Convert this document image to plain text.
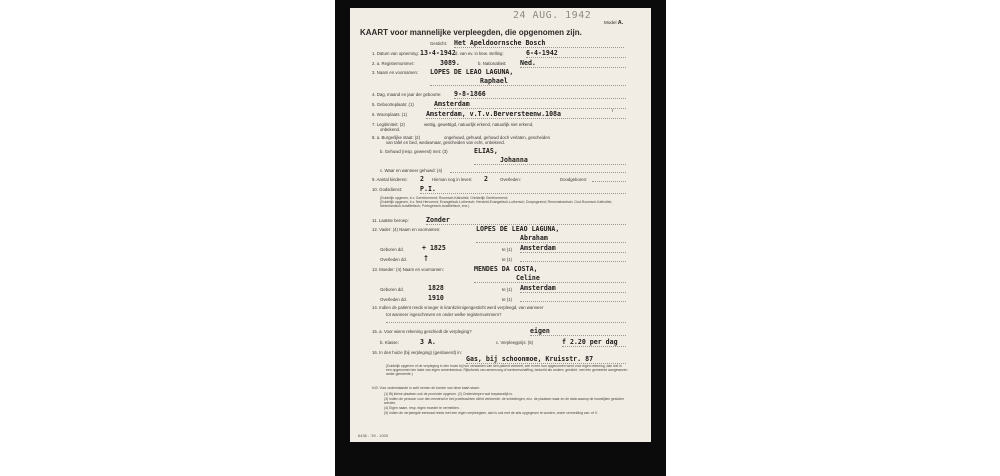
24 AUG. 1942
KAART voor mannelijke verpleegden, die opgenomen zijn.
Model A.
Gesticht: Het Apeldoornsche Bosch
1. Datum van opneming: 13-4-1942 d. van ev. in bew. stelling:	6-4-1942
2. a. Registernummer:	3089.	b. Nationaliteit: Ned.
3. Naam en voornamen: LOPES DE LEAO LAGUNA,
Raphael
4. Dag, maand en jaar der geboorte: 9-8-1866
5. Geboorteplaats: (1)	Amsterdam
6. Woonplaats: (1)	Amsterdam, v.T.v.Berversteenw.108a	I
7. Legitimiteit: (2)	wettig, gewettigd, natuurlijk erkend, natuurlijk niet erkend,
onbekend.
8. a. Burgerlijke staat: (2)	ongehuwd, gehuwd, gehuwd doch verlaten, gescheiden
van tafel en bed, weduwnaar, gescheiden van echt, onbekend.
b. Gehuwd (resp. geweest) met: (3)	ELIAS,
Johanna
c. Waar en wanneer gehuwd: (4)
9. Aantal kinderen: 2 Hiervan nog in leven: 2	Overleden:	Doodgeboren:
10. Godsdienst:	P.I.
(Duidelijk opgeven, b.v. Gereformeerd; Roomsch-Katholiek; Christelijk Gereformeerd;
(Duidelijk opgeven, b.v. Ned.Hervormd; Evangelisch-Luthersch; Hersteld-Evangelisch-Luthersch; Doopsgezind; Remonstrantsch; Oud-Roomsch-Katholiek; Nederlandsch-Israëlietisch; Portugeesch-Israëlietisch, enz.)
11. Laatste beroep:	Zonder
12. Vader: (4) Naam en voornamen:	LOPES DE LEAO LAGUNA,
Abraham
Geboren dd.	+ 1825	te (1) Amsterdam
Overleden dd.	†	te (1)
13. Moeder: (4) Naam en voornamen:	MENDES DA COSTA,
Celine
Geboren dd.	1828	te (1) Amsterdam
Overleden dd.	1910	te (1)
14. Indien de patiënt reeds vroeger in krankzinnigengesticht werd verpleegd, van wanneer
tot wanneer ingeschreven en onder welke registernummers?
15. a. Voor wiens rekening geschiedt de verpleging?	eigen
b. Klasse:	3 A.	c. Verpleegprijs: (5)	f 2.20 per dag
16. In den huize (bij verpleging) (gesitueerd) in:
Gas, bij schoonmoe, Kruisstr. 87
(Duidelijk opgeven of de verpleging in den huize bij hun verwanten van den patient verkeert, wel in een hun opgenomen werd voor eigen rekening, dan wel in een opgenomen ten laste van eigen armenbestuur, Rijksfonds van armenzorg of werkverschaffing, bedoeld als andere, gesticht. met één gemeente aangewezen ander gemeente.)
N.B. Voor onderstaande in acht nemen de komen van deze kaart staan:
(1) Bij kleine plaatsen ook de provincie opgeven. (2) Onderstrepen wat toepasselijk is.
(3) Indien de persoon voor den eerstend in het proefwachten cliënt verkeerde: de scheidingen, enz. de plaatsen waar en de data waarop de huwelijken gesloten werden.
(4) Eigen naam, resp. eigen moeder te vermelden.
(5) Indien de verpleegde eenmaal reeds met een eigen verpleegster, dan is ook met de arts opgegeven te worden, onder vermelding van: et V.
6436 - '39 - 1000
